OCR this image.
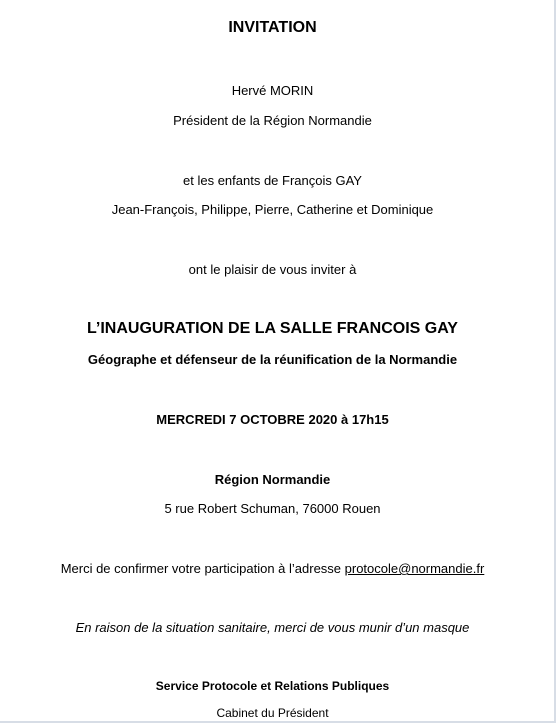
INVITATION
Hervé MORIN
Président de la Région Normandie
et les enfants de François GAY
Jean-François, Philippe, Pierre, Catherine et Dominique
ont le plaisir de vous inviter à
L’INAUGURATION DE LA SALLE FRANCOIS GAY
Géographe et défenseur de la réunification de la Normandie
MERCREDI 7 OCTOBRE 2020 à 17h15
Région Normandie
5 rue Robert Schuman, 76000 Rouen
Merci de confirmer votre participation à l’adresse protocole@normandie.fr
En raison de la situation sanitaire, merci de vous munir d’un masque
Service Protocole et Relations Publiques
Cabinet du Président
